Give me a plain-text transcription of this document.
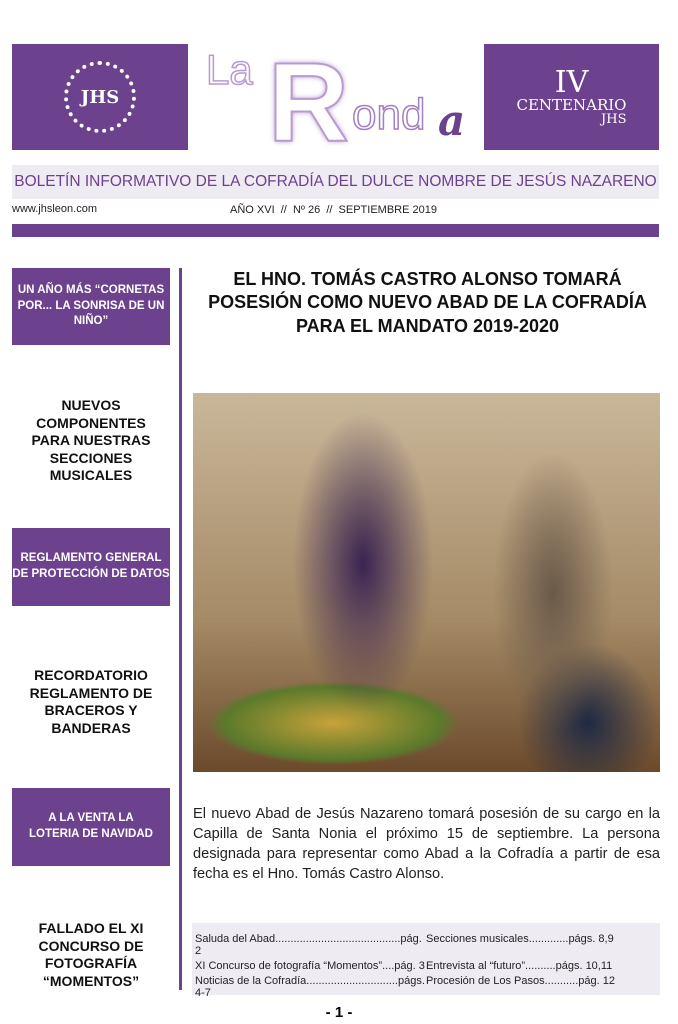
JHS
La R ond a
IV
CENTENARIO
JHS
BOLETÍN INFORMATIVO DE LA COFRADÍA DEL DULCE NOMBRE DE JESÚS NAZARENO
www.jhsleon.com	AÑO XVI  //  Nº 26  //  SEPTIEMBRE 2019
UN AÑO MÁS “CORNETAS POR... LA SONRISA DE UN NIÑO”
NUEVOS COMPONENTES PARA NUESTRAS SECCIONES MUSICALES
REGLAMENTO GENERAL DE PROTECCIÓN DE DATOS
RECORDATORIO REGLAMENTO DE BRACEROS Y BANDERAS
A LA VENTA LA LOTERIA DE NAVIDAD
FALLADO EL XI CONCURSO DE FOTOGRAFÍA “MOMENTOS”
EL HNO. TOMÁS CASTRO ALONSO TOMARÁ POSESIÓN COMO NUEVO ABAD DE LA COFRADÍA PARA EL MANDATO 2019-2020
El nuevo Abad de Jesús Nazareno tomará posesión de su cargo en la Capilla de Santa Nonia el próximo 15 de septiembre. La persona designada para representar como Abad a la Cofradía a partir de esa fecha es el Hno. Tomás Castro Alonso.
Saluda del Abad.........................................pág. 2
Secciones musicales.............págs. 8,9
XI Concurso de fotografía “Momentos”....pág. 3 Entrevista al “futuro”..........págs. 10,11
Noticias de la Cofradía..............................págs. 4-7
Procesión de Los Pasos...........pág. 12
- 1 -
